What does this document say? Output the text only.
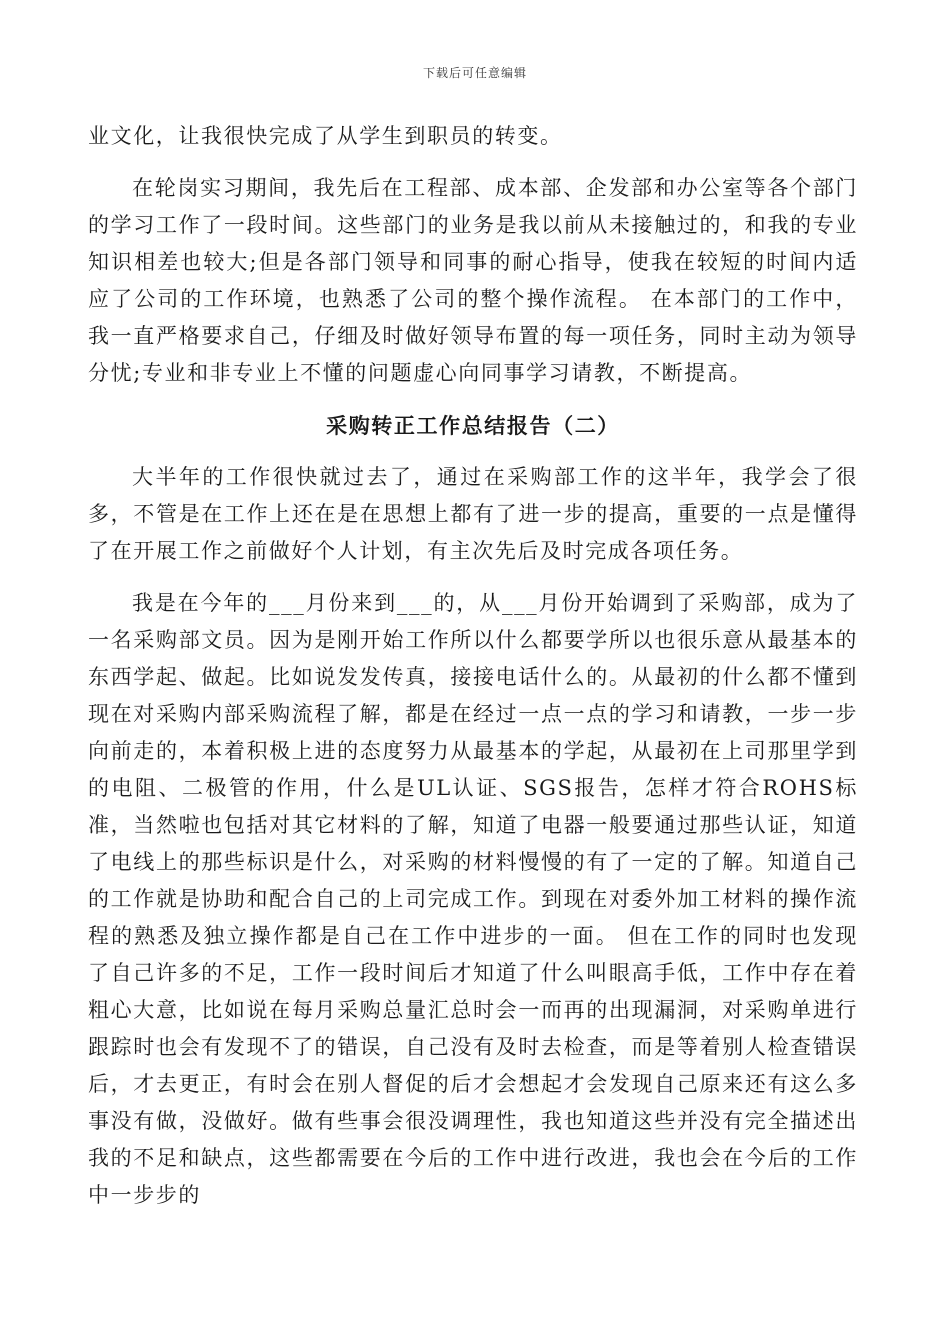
下载后可任意编辑

业文化，让我很快完成了从学生到职员的转变。

在轮岗实习期间，我先后在工程部、成本部、企发部和办公室等各个部门的学习工作了一段时间。这些部门的业务是我以前从未接触过的，和我的专业知识相差也较大;但是各部门领导和同事的耐心指导，使我在较短的时间内适应了公司的工作环境，也熟悉了公司的整个操作流程。 在本部门的工作中，我一直严格要求自己，仔细及时做好领导布置的每一项任务，同时主动为领导分忧;专业和非专业上不懂的问题虚心向同事学习请教，不断提高。

采购转正工作总结报告（二）

大半年的工作很快就过去了，通过在采购部工作的这半年，我学会了很多，不管是在工作上还在是在思想上都有了进一步的提高，重要的一点是懂得了在开展工作之前做好个人计划，有主次先后及时完成各项任务。

我是在今年的___月份来到___的，从___月份开始调到了采购部，成为了一名采购部文员。因为是刚开始工作所以什么都要学所以也很乐意从最基本的东西学起、做起。比如说发发传真，接接电话什么的。从最初的什么都不懂到现在对采购内部采购流程了解，都是在经过一点一点的学习和请教，一步一步向前走的，本着积极上进的态度努力从最基本的学起，从最初在上司那里学到的电阻、二极管的作用，什么是UL认证、SGS报告，怎样才符合ROHS标准，当然啦也包括对其它材料的了解，知道了电器一般要通过那些认证，知道了电线上的那些标识是什么，对采购的材料慢慢的有了一定的了解。知道自己的工作就是协助和配合自己的上司完成工作。到现在对委外加工材料的操作流程的熟悉及独立操作都是自己在工作中进步的一面。 但在工作的同时也发现了自己许多的不足，工作一段时间后才知道了什么叫眼高手低，工作中存在着粗心大意，比如说在每月采购总量汇总时会一而再的出现漏洞，对采购单进行跟踪时也会有发现不了的错误，自己没有及时去检查，而是等着别人检查错误后，才去更正，有时会在别人督促的后才会想起才会发现自己原来还有这么多事没有做，没做好。做有些事会很没调理性，我也知道这些并没有完全描述出我的不足和缺点，这些都需要在今后的工作中进行改进，我也会在今后的工作中一步步的
